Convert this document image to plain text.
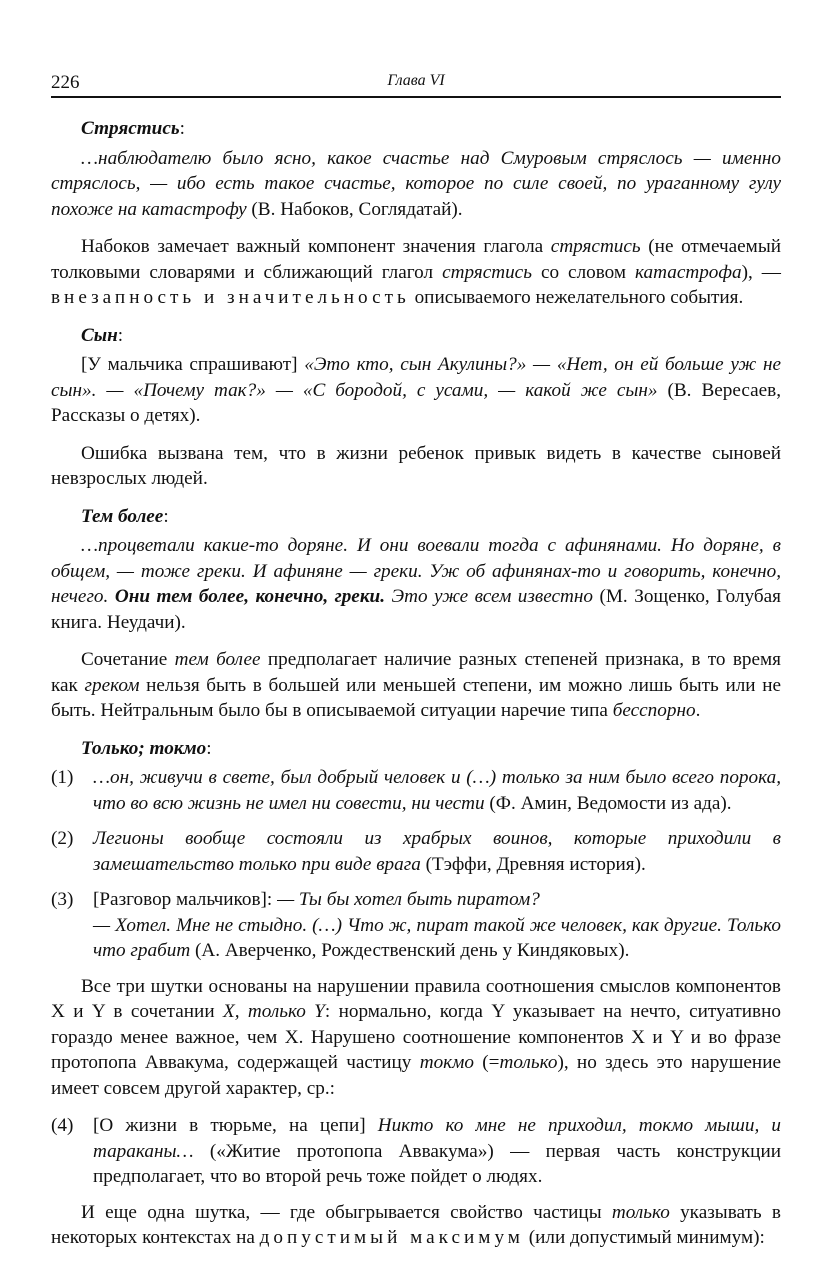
226	Глава VI

Стрястись:

…наблюдателю было ясно, какое счастье над Смуровым стряслось — именно стряслось, — ибо есть такое счастье, которое по силе своей, по ураганному гулу похоже на катастрофу (В. Набоков, Соглядатай).

Набоков замечает важный компонент значения глагола стрястись (не отмечаемый толковыми словарями и сближающий глагол стрястись со словом катастрофа), — внезапность и значительность описываемого нежелательного события.

Сын:

[У мальчика спрашивают] «Это кто, сын Акулины?» — «Нет, он ей больше уж не сын». — «Почему так?» — «С бородой, с усами, — какой же сын» (В. Вересаев, Рассказы о детях).

Ошибка вызвана тем, что в жизни ребенок привык видеть в качестве сыновей невзрослых людей.

Тем более:

…процветали какие-то доряне. И они воевали тогда с афинянами. Но доряне, в общем, — тоже греки. И афиняне — греки. Уж об афинянах-то и говорить, конечно, нечего. Они тем более, конечно, греки. Это уже всем известно (М. Зощенко, Голубая книга. Неудачи).

Сочетание тем более предполагает наличие разных степеней признака, в то время как греком нельзя быть в большей или меньшей степени, им можно лишь быть или не быть. Нейтральным было бы в описываемой ситуации наречие типа бесспорно.

Только; токмо:

(1)	…он, живучи в свете, был добрый человек и (…) только за ним было всего порока, что во всю жизнь не имел ни совести, ни чести (Ф. Амин, Ведомости из ада).
(2)	Легионы вообще состояли из храбрых воинов, которые приходили в замешательство только при виде врага (Тэффи, Древняя история).
(3)	[Разговор мальчиков]: — Ты бы хотел быть пиратом?
— Хотел. Мне не стыдно. (…) Что ж, пират такой же человек, как другие. Только что грабит (А. Аверченко, Рождественский день у Киндяковых).

Все три шутки основаны на нарушении правила соотношения смыслов компонентов X и Y в сочетании X, только Y: нормально, когда Y указывает на нечто, ситуативно гораздо менее важное, чем X. Нарушено соотношение компонентов X и Y и во фразе протопопа Аввакума, содержащей частицу токмо (=только), но здесь это нарушение имеет совсем другой характер, ср.:

(4)	[О жизни в тюрьме, на цепи] Никто ко мне не приходил, токмо мыши, и тараканы… («Житие протопопа Аввакума») — первая часть конструкции предполагает, что во второй речь тоже пойдет о людях.

И еще одна шутка, — где обыгрывается свойство частицы только указывать в некоторых контекстах на допустимый максимум (или допустимый минимум):
